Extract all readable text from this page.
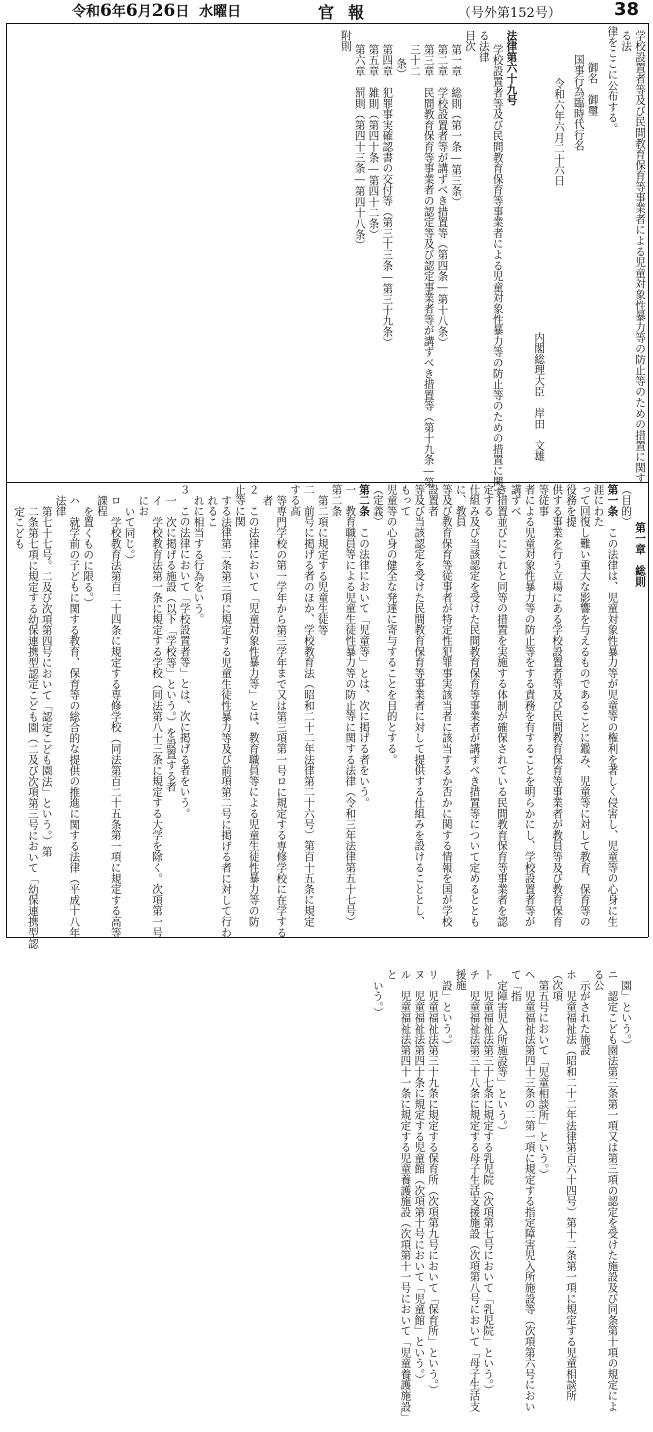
令和6年6月26日 水曜日	官報	（号外第152号）	38
学校設置者等及び民間教育保育等事業者による児童対象性暴力等の防止等のための措置に関する法
律をここに公布する。
御名　御璽
国事行為臨時代行名
令和六年六月二十六日
内閣総理大臣　岸田　文雄
法律第六十九号
学校設置者等及び民間教育保育等事業者による児童対象性暴力等の防止等のための措置に関す
る法律
目次
第一章　総則（第一条―第三条）
第二章　学校設置者等が講ずべき措置等（第四条―第十八条）
第三章　民間教育保育等事業者の認定等及び認定事業者等が講ずべき措置等（第十九条―第三十二
条）
第四章　犯罪事実確認書の交付等（第三十三条―第三十九条）
第五章　雑則（第四十条―第四十二条）
第六章　罰則（第四十三条―第四十八条）
附則
第一章　総則
（目的）
第一条　この法律は、児童対象性暴力等が児童等の権利を著しく侵害し、児童等の心身に生涯にわた
って回復し難い重大な影響を与えるものであることに鑑み、児童等に対して教育、保育等の役務を提
供する事業を行う立場にある学校設置者等及び民間教育保育等事業者が教員等及び教育保育等従事
者による児童対象性暴力等の防止等をする責務を有することを明らかにし、学校設置者等が講ずべ
き措置並びにこれと同等の措置を実施する体制が確保されている民間教育保育等事業者を認定する
仕組み及び当該認定を受けた民間教育保育等事業者が講ずべき措置等について定めるとともに、教員
等及び教育保育等従事者が特定性犯罪事実該当者に該当するか否かに関する情報を国が学校設置者
等及び当該認定を受けた民間教育保育等事業者に対して提供する仕組みを設けることとし、もって
児童等の心身の健全な発達に寄与することを目的とする。
（定義）
第二条　この法律において「児童等」とは、次に掲げる者をいう。
一　教育職員等による児童生徒性暴力等の防止等に関する法律（令和三年法律第五十七号）第二条
第二項に規定する児童生徒等
二　前号に掲げる者のほか、学校教育法（昭和二十二年法律第二十六号）第百十五条に規定する高
等専門学校の第一学年から第三学年まで又は第三項第一号ロに規定する専修学校に在学する者
２　この法律において「児童対象性暴力等」とは、教育職員等による児童生徒性暴力等の防止等に関
する法律第二条第三項に規定する児童生徒性暴力等及び前項第二号に掲げる者に対して行われるこ
れに相当する行為をいう。
３　この法律において「学校設置者等」とは、次に掲げる者をいう。
一　次に掲げる施設（以下「学校等」という。）を設置する者
イ　学校教育法第一条に規定する学校（同法第八十三条に規定する大学を除く。次項第一号にお
いて同じ。）
ロ　学校教育法第百二十四条に規定する専修学校（同法第百二十五条第一項に規定する高等課程
を置くものに限る。）
ハ　就学前の子どもに関する教育、保育等の総合的な提供の推進に関する法律（平成十八年法律
第七十七号。二及び次項第四号において「認定こども園法」という。）第
二条第七項に規定する幼保連携型認定こども園（二及び次項第三号において「幼保連携型認定こども
園」という。）
ニ　認定こども園法第三条第一項又は第三項の認定を受けた施設及び同条第十項の規定による公
示がされた施設
ホ　児童福祉法（昭和二十二年法律第百六十四号）第十二条第一項に規定する児童相談所（次項
第五号において「児童相談所」という。）
ヘ　児童福祉法第四十三条の二第一項に規定する指定障害児入所施設等（次項第六号において「指
定障害児入所施設等」という。）
ト　児童福祉法第三十七条に規定する乳児院（次項第七号において「乳児院」という。）
チ　児童福祉法第三十八条に規定する母子生活支援施設（次項第八号において「母子生活支援施
設」という。）
リ　児童福祉法第三十九条に規定する保育所（次項第九号において「保育所」という。）
ヌ　児童福祉法第四十条に規定する児童館（次項第十号において「児童館」という。）
ル　児童福祉法第四十一条に規定する児童養護施設（次項第十一号において「児童養護施設」と
いう。）
